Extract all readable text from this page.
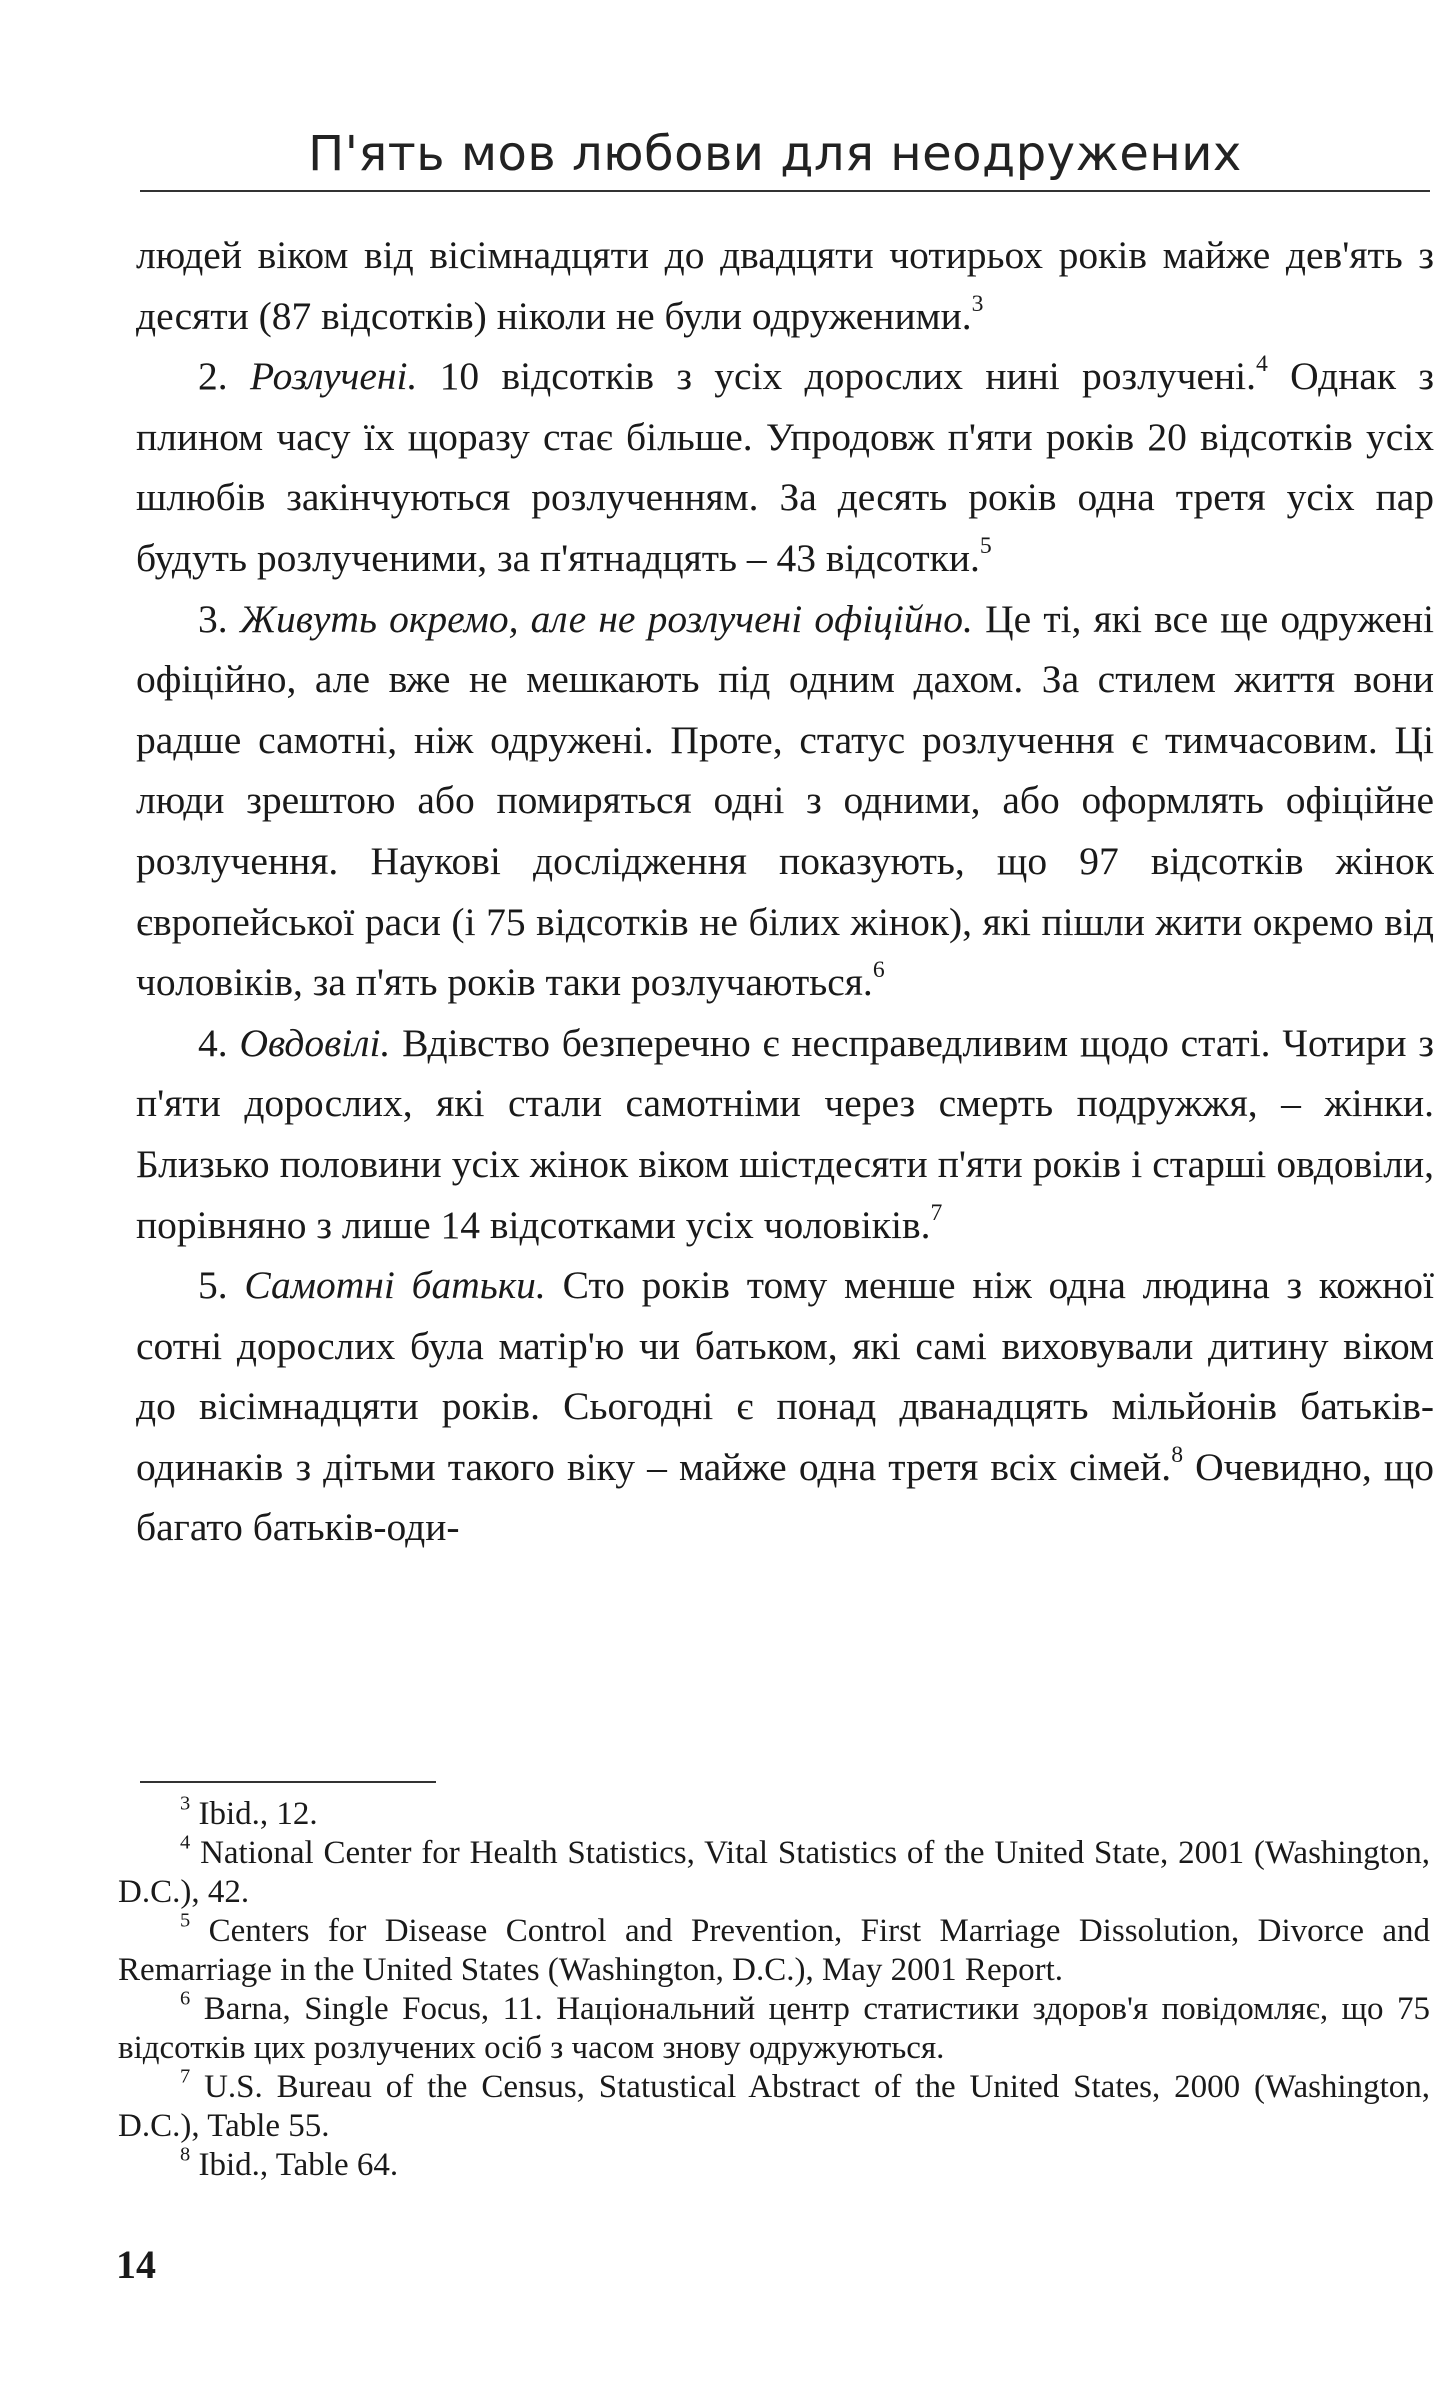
П'ять мов любови для неодружених

людей віком від вісімнадцяти до двадцяти чотирьох років майже дев'ять з десяти (87 відсотків) ніколи не були одруженими.$^3$

2. Розлучені. 10 відсотків з усіх дорослих нині розлучені.$^4$ Однак з плином часу їх щоразу стає більше. Упродовж п'яти років 20 відсотків усіх шлюбів закінчуються розлученням. За десять років одна третя усіх пар будуть розлученими, за п'ятнадцять – 43 відсотки.$^5$

3. Живуть окремо, але не розлучені офіційно. Це ті, які все ще одружені офіційно, але вже не мешкають під одним дахом. За стилем життя вони радше самотні, ніж одружені. Проте, статус розлучення є тимчасовим. Ці люди зрештою або помиряться одні з одними, або оформлять офіційне розлучення. Наукові дослідження показують, що 97 відсотків жінок європейської раси (і 75 відсотків не білих жінок), які пішли жити окремо від чоловіків, за п'ять років таки розлучаються.$^6$

4. Овдовілі. Вдівство безперечно є несправедливим щодо статі. Чотири з п'яти дорослих, які стали самотніми через смерть подружжя, – жінки. Близько половини усіх жінок віком шістдесяти п'яти років і старші овдовіли, порівняно з лише 14 відсотками усіх чоловіків.$^7$

5. Самотні батьки. Сто років тому менше ніж одна людина з кожної сотні дорослих була матір'ю чи батьком, які самі виховували дитину віком до вісімнадцяти років. Сьогодні є понад дванадцять мільйонів батьків-одинаків з дітьми такого віку – майже одна третя всіх сімей.$^8$ Очевидно, що багато батьків-оди-

$^3$ Ibid., 12.

$^4$ National Center for Health Statistics, Vital Statistics of the United State, 2001 (Washington, D.C.), 42.

$^5$ Centers for Disease Control and Prevention, First Marriage Dissolution, Divorce and Remarriage in the United States (Washington, D.C.), May 2001 Report.

$^6$ Barna, Single Focus, 11. Національний центр статистики здоров'я повідомляє, що 75 відсотків цих розлучених осіб з часом знову одружуються.

$^7$ U.S. Bureau of the Census, Statustical Abstract of the United States, 2000 (Washington, D.C.), Table 55.

$^8$ Ibid., Table 64.

14
